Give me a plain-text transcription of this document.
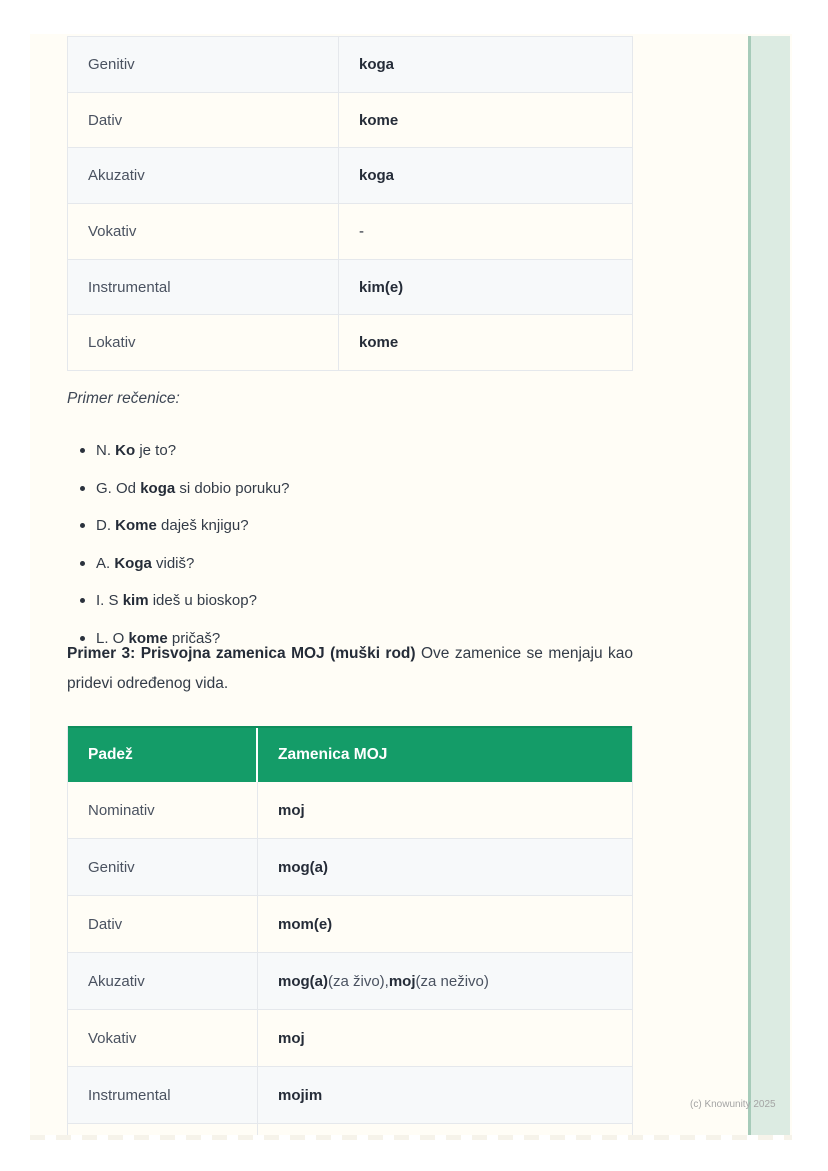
Genitiv	koga
Dativ	kome
Akuzativ	koga
Vokativ	-
Instrumental	kim(e)
Lokativ	kome
Primer rečenice:
N. Ko je to?
G. Od koga si dobio poruku?
D. Kome daješ knjigu?
A. Koga vidiš?
I. S kim ideš u bioskop?
L. O kome pričaš?

Primer 3: Prisvojna zamenica MOJ (muški rod) Ove zamenice se menjaju kao pridevi određenog vida.

Padež	Zamenica MOJ
Nominativ	moj
Genitiv	mog(a)
Dativ	mom(e)
Akuzativ	mog(a) (za živo), moj (za neživo)
Vokativ	moj
Instrumental	mojim
(c) Knowunity 2025
